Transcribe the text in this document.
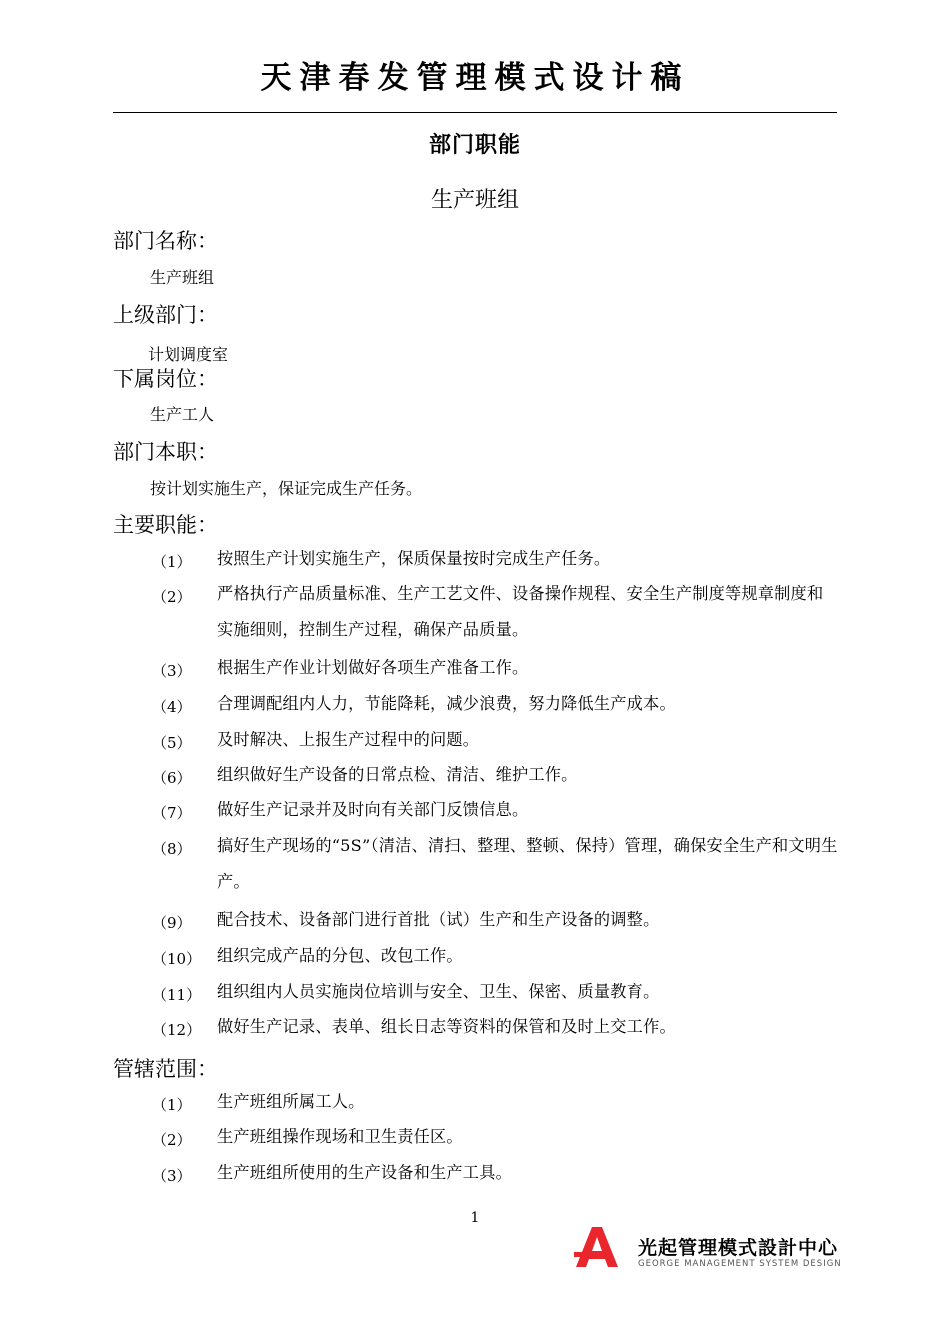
天津春发管理模式设计稿
部门职能
生产班组
部门名称：
生产班组
上级部门：
计划调度室
下属岗位：
生产工人
部门本职：
按计划实施生产，保证完成生产任务。
主要职能：
（1）	按照生产计划实施生产，保质保量按时完成生产任务。
（2）	严格执行产品质量标准、生产工艺文件、设备操作规程、安全生产制度等规章制度和实施细则，控制生产过程，确保产品质量。
（3）	根据生产作业计划做好各项生产准备工作。
（4）	合理调配组内人力，节能降耗，减少浪费，努力降低生产成本。
（5）	及时解决、上报生产过程中的问题。
（6）	组织做好生产设备的日常点检、清洁、维护工作。
（7）	做好生产记录并及时向有关部门反馈信息。
（8）	搞好生产现场的“5S”（清洁、清扫、整理、整顿、保持）管理，确保安全生产和文明生产。
（9）	配合技术、设备部门进行首批（试）生产和生产设备的调整。
（10） 组织完成产品的分包、改包工作。
（11） 组织组内人员实施岗位培训与安全、卫生、保密、质量教育。
（12） 做好生产记录、表单、组长日志等资料的保管和及时上交工作。
管辖范围：
（1）	生产班组所属工人。
（2）	生产班组操作现场和卫生责任区。
（3）	生产班组所使用的生产设备和生产工具。
1
光起管理模式設計中心
GEORGE MANAGEMENT SYSTEM DESIGN
